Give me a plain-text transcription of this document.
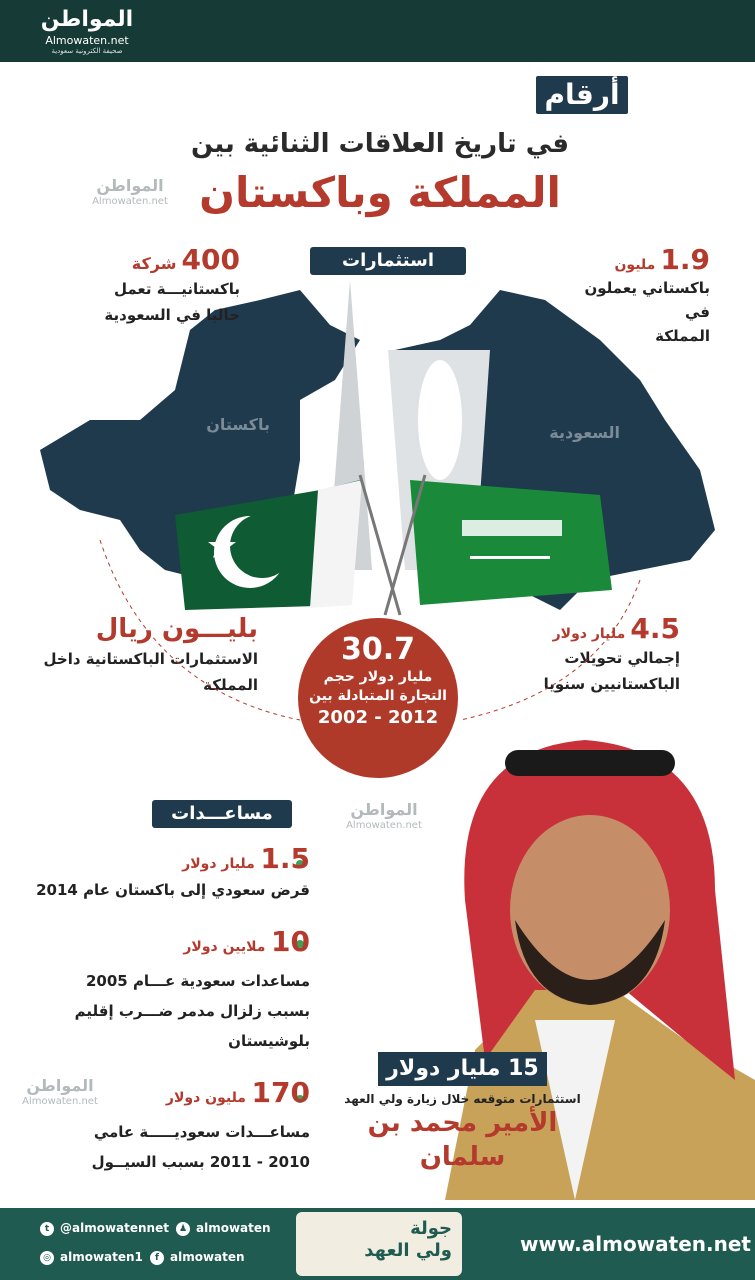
المواطن
Almowaten.net
صحيفة الكترونية سعودية
المواطن
Almowaten.net
المواطن
Almowaten.net
المواطن
Almowaten.net
أرقام
في تاريخ العلاقات الثنائية بين
المملكة وباكستان
باكستان	السعودية
استثمارات	1.9 مليون
باكستاني يعملون في
المملكة
400 شركة
باكستانيـــة تعمل
حاليا في السعودية
4.5 مليار دولار
إجمالي تحويلات
الباكستانيين سنويا
بليـــون ريال
الاستثمارات الباكستانية داخل
المملكة
30.7
مليار دولار حجم
التجارة المتبادلة بين
2002 - 2012
مساعـــدات
1.5 مليار دولار
قرض سعودي إلى باكستان عام 2014
10 ملايين دولار
مساعدات سعودية عـــام 2005
بسبب زلزال مدمر ضـــرب إقليم
بلوشيستان
170 مليون دولار
مساعـــدات سعوديـــــة عامي
2010 - 2011 بسبب السيــول
15 مليار دولار
استثمارات متوقعه خلال زيارة ولي العهد
الأمير محمد بن سلمان
t @almowatennet
◎ almowaten1
♟ almowaten
f almowaten
جولة
ولي العهد	www.almowaten.net
